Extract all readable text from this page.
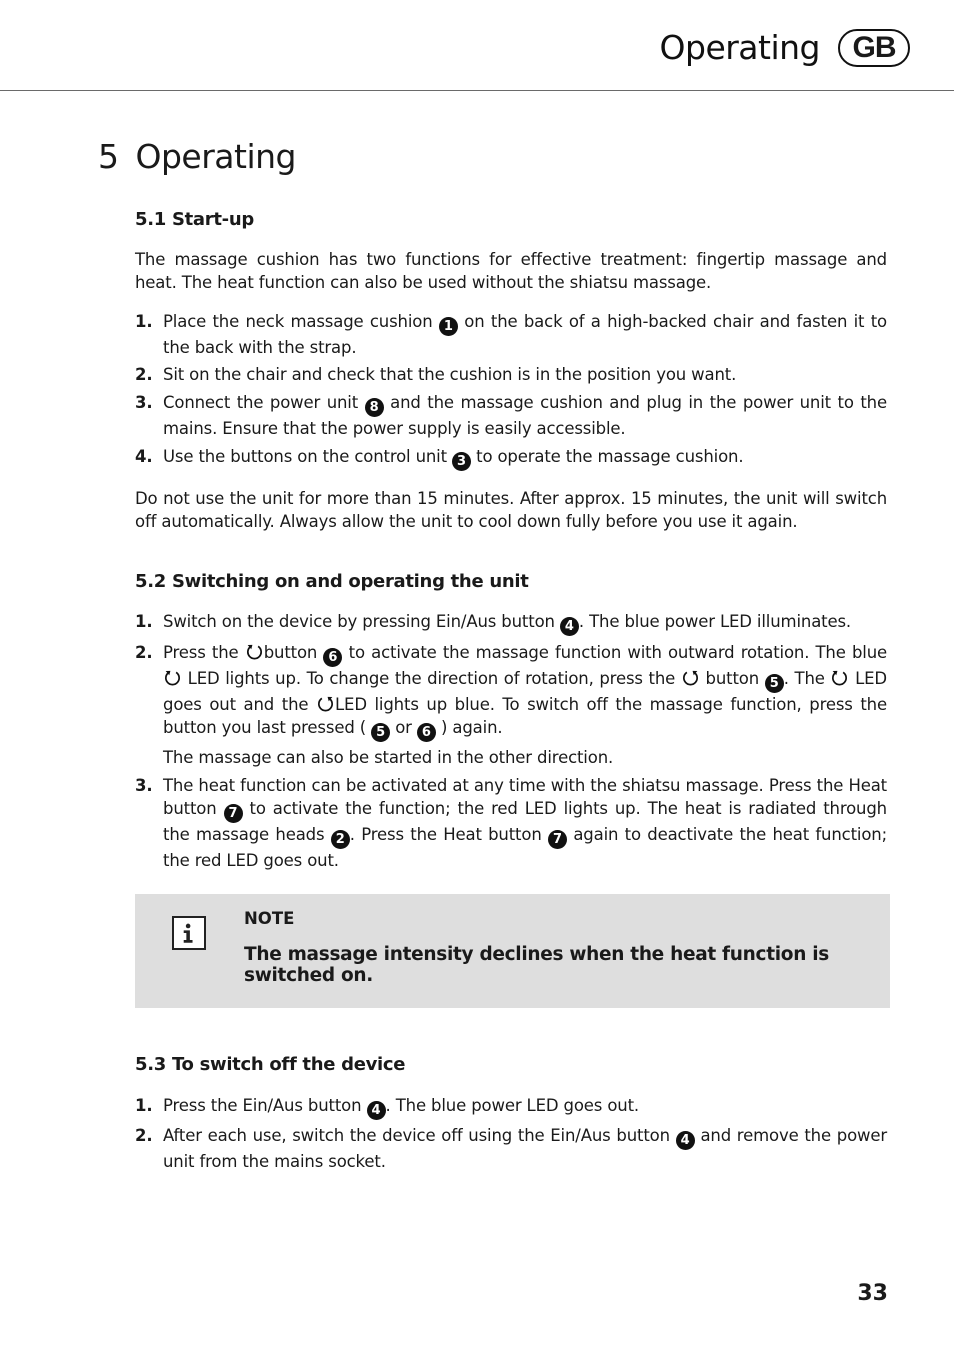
Operating	GB
5 Operating
5.1 Start-up

The massage cushion has two functions for effective treatment: fingertip massage and heat. The heat function can also be used without the shiatsu massage.

1. Place the neck massage cushion 1 on the back of a high-backed chair and fasten it to the back with the strap.
2. Sit on the chair and check that the cushion is in the position you want.
3. Connect the power unit 8 and the massage cushion and plug in the power unit to the mains. Ensure that the power supply is easily accessible.
4. Use the buttons on the control unit 3 to operate the massage cushion.

Do not use the unit for more than 15 minutes. After approx. 15 minutes, the unit will switch off automatically. Always allow the unit to cool down fully before you use it again.

5.2 Switching on and operating the unit
1. Switch on the device by pressing Ein/Aus button 4 . The blue power LED illuminates.
2. Press the button 6 to activate the massage function with outward rotation. The blue  LED lights up. To change the direction of rotation, press the  button 5 . The  LED goes out and the LED lights up blue. To switch off the massage function, press the button you last pressed ( 5 or 6 ) again.
The massage can also be started in the other direction.
3. The heat function can be activated at any time with the shiatsu massage. Press the Heat button 7 to activate the function; the red LED lights up. The heat is radiated through the massage heads 2 . Press the Heat button 7 again to deactivate the heat function; the red LED goes out.
NOTE
The massage intensity declines when the heat function is switched on.
5.3 To switch off the device
1. Press the Ein/Aus button 4 . The blue power LED goes out.
2. After each use, switch the device off using the Ein/Aus button 4 and remove the power unit from the mains socket.
33
